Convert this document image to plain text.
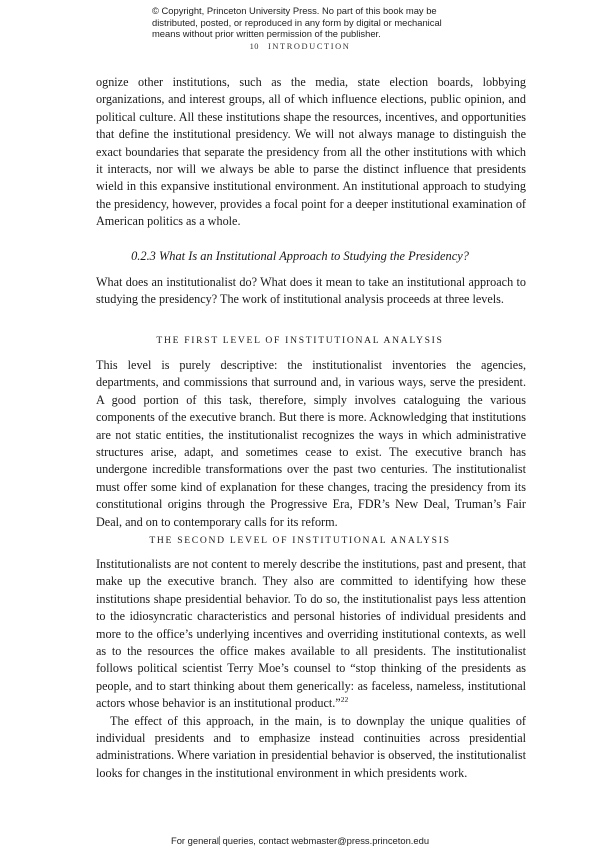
© Copyright, Princeton University Press. No part of this book may be distributed, posted, or reproduced in any form by digital or mechanical means without prior written permission of the publisher.
10 INTRODUCTION

ognize other institutions, such as the media, state election boards, lobbying organizations, and interest groups, all of which influence elections, public opinion, and political culture. All these institutions shape the resources, incentives, and opportunities that define the institutional presidency. We will not always manage to distinguish the exact boundaries that separate the presidency from all the other institutions with which it interacts, nor will we always be able to parse the distinct influence that presidents wield in this expansive institutional environment. An institutional approach to studying the presidency, however, provides a focal point for a deeper institutional examination of American politics as a whole.

0.2.3 What Is an Institutional Approach to Studying the Presidency?

What does an institutionalist do? What does it mean to take an institutional approach to studying the presidency? The work of institutional analysis proceeds at three levels.

THE FIRST LEVEL OF INSTITUTIONAL ANALYSIS

This level is purely descriptive: the institutionalist inventories the agencies, departments, and commissions that surround and, in various ways, serve the president. A good portion of this task, therefore, simply involves cataloguing the various components of the executive branch. But there is more. Acknowledging that institutions are not static entities, the institutionalist recognizes the ways in which administrative structures arise, adapt, and sometimes cease to exist. The executive branch has undergone incredible transformations over the past two centuries. The institutionalist must offer some kind of explanation for these changes, tracing the presidency from its constitutional origins through the Progressive Era, FDR’s New Deal, Truman’s Fair Deal, and on to contemporary calls for its reform.

THE SECOND LEVEL OF INSTITUTIONAL ANALYSIS

Institutionalists are not content to merely describe the institutions, past and present, that make up the executive branch. They also are committed to identifying how these institutions shape presidential behavior. To do so, the institutionalist pays less attention to the idiosyncratic characteristics and personal histories of individual presidents and more to the office’s underlying incentives and overriding institutional contexts, as well as to the resources the office makes available to all presidents. The institutionalist follows political scientist Terry Moe’s counsel to “stop thinking of the presidents as people, and to start thinking about them generically: as faceless, nameless, institutional actors whose behavior is an institutional product.”$^{22}$

The effect of this approach, in the main, is to downplay the unique qualities of individual presidents and to emphasize instead continuities across presidential administrations. Where variation in presidential behavior is observed, the institutionalist looks for changes in the institutional environment in which presidents work.

For general queries, contact webmaster@press.princeton.edu
